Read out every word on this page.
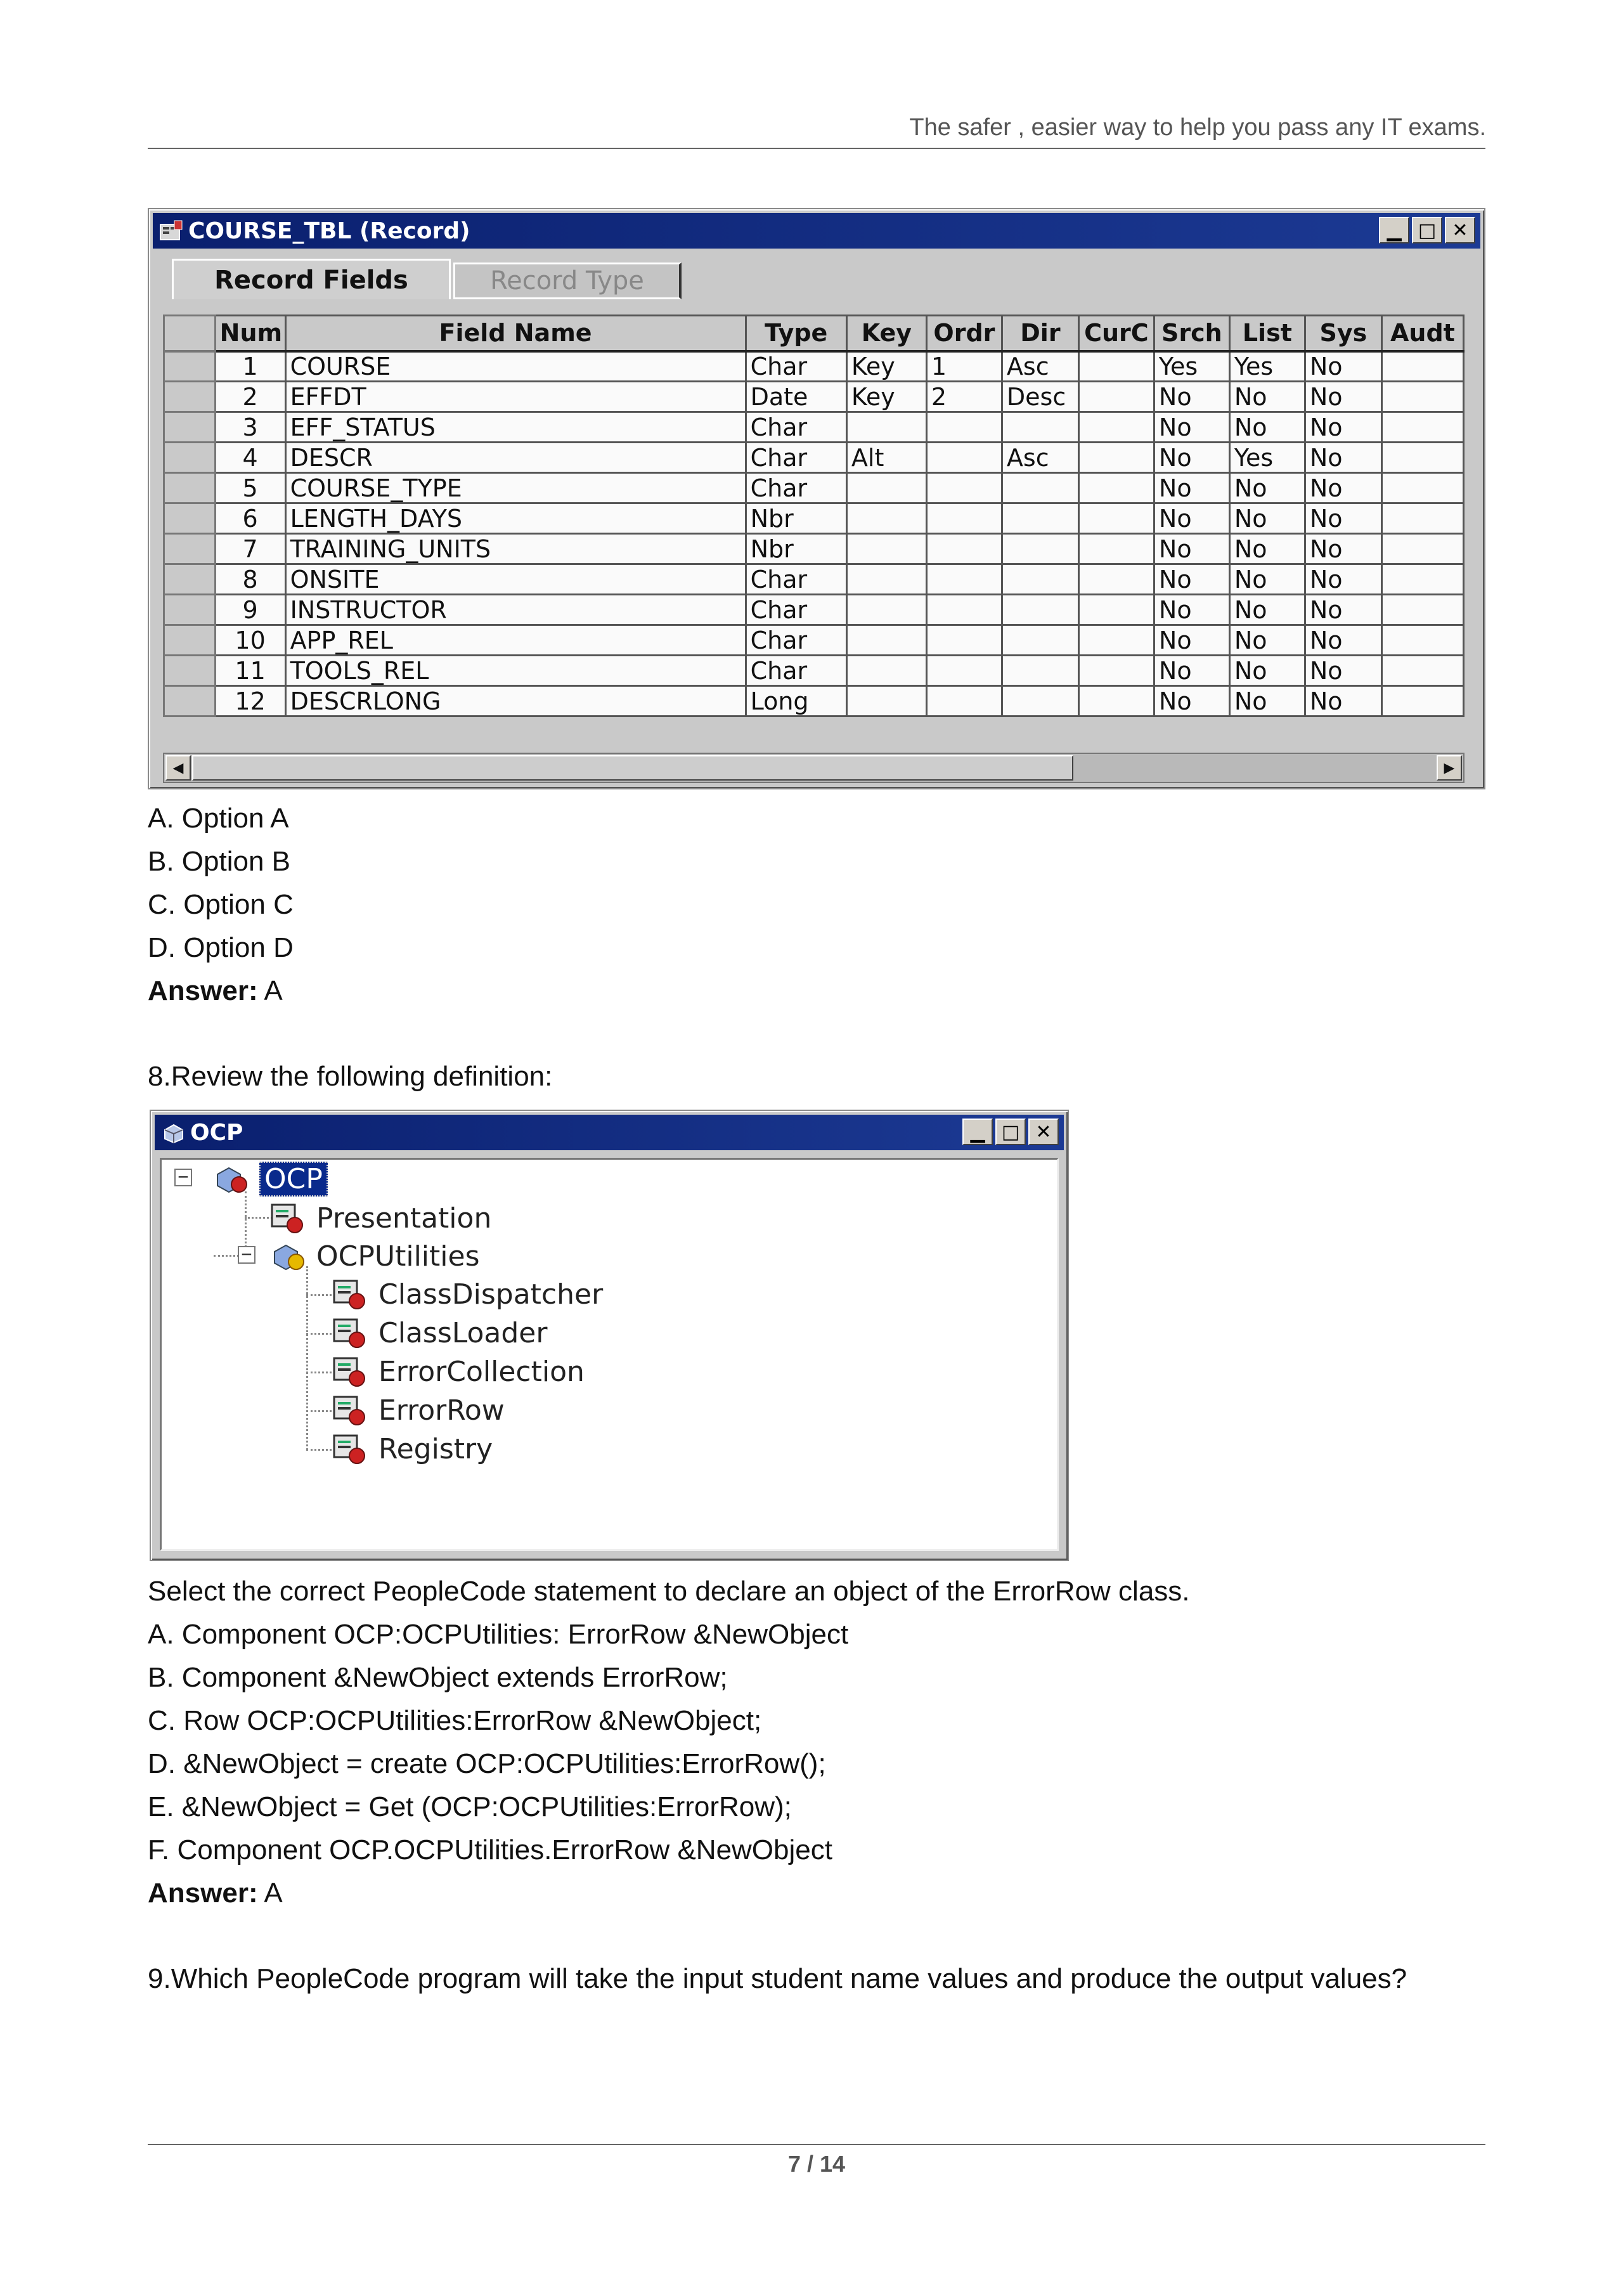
The safer , easier way to help you pass any IT exams.
COURSE_TBL (Record)	▁ □ ✕
Record Fields	Record Type
	Num	Field Name	Type	Key	Ordr	Dir	CurC	Srch	List	Sys	Audt
	1	COURSE	Char	Key	1	Asc		Yes	Yes	No	
	2	EFFDT	Date	Key	2	Desc		No	No	No	
	3	EFF_STATUS	Char					No	No	No	
	4	DESCR	Char	Alt		Asc		No	Yes	No	
	5	COURSE_TYPE	Char					No	No	No	
	6	LENGTH_DAYS	Nbr					No	No	No	
	7	TRAINING_UNITS	Nbr					No	No	No	
	8	ONSITE	Char					No	No	No	
	9	INSTRUCTOR	Char					No	No	No	
	10	APP_REL	Char					No	No	No	
	11	TOOLS_REL	Char					No	No	No	
	12	DESCRLONG	Long					No	No	No	
◀	▶
A. Option A
B. Option B
C. Option C
D. Option D
Answer: A
8.Review the following definition:
OCP	▁ □ ✕
−
−
OCP
Presentation
OCPUtilities
ClassDispatcher
ClassLoader
ErrorCollection
ErrorRow
Registry
Select the correct PeopleCode statement to declare an object of the ErrorRow class.
A. Component OCP:OCPUtilities: ErrorRow &NewObject
B. Component &NewObject extends ErrorRow;
C. Row OCP:OCPUtilities:ErrorRow &NewObject;
D. &NewObject = create OCP:OCPUtilities:ErrorRow();
E. &NewObject = Get (OCP:OCPUtilities:ErrorRow);
F. Component OCP.OCPUtilities.ErrorRow &NewObject
Answer: A
9.Which PeopleCode program will take the input student name values and produce the output values?
7 / 14
